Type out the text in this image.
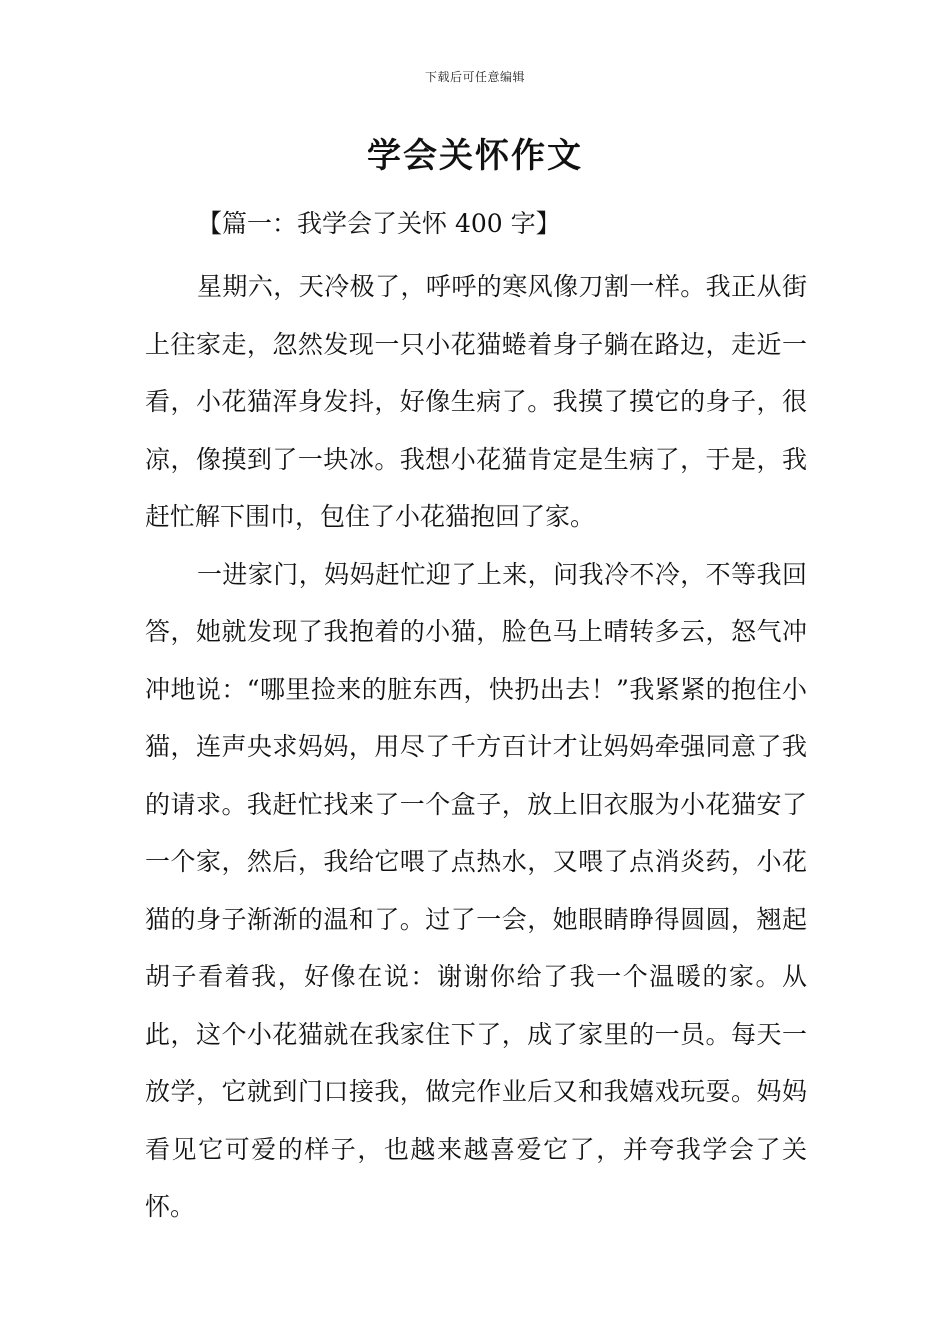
下载后可任意编辑
学会关怀作文
【篇一：我学会了关怀 400 字】

星期六，天冷极了，呼呼的寒风像刀割一样。我正从街上往家走，忽然发现一只小花猫蜷着身子躺在路边，走近一看，小花猫浑身发抖，好像生病了。我摸了摸它的身子，很凉，像摸到了一块冰。我想小花猫肯定是生病了，于是，我赶忙解下围巾，包住了小花猫抱回了家。

一进家门，妈妈赶忙迎了上来，问我冷不冷，不等我回答，她就发现了我抱着的小猫，脸色马上晴转多云，怒气冲冲地说：“哪里捡来的脏东西，快扔出去！”我紧紧的抱住小猫，连声央求妈妈，用尽了千方百计才让妈妈牵强同意了我的请求。我赶忙找来了一个盒子，放上旧衣服为小花猫安了一个家，然后，我给它喂了点热水，又喂了点消炎药，小花猫的身子渐渐的温和了。过了一会，她眼睛睁得圆圆，翘起胡子看着我，好像在说：谢谢你给了我一个温暖的家。从此，这个小花猫就在我家住下了，成了家里的一员。每天一放学，它就到门口接我，做完作业后又和我嬉戏玩耍。妈妈看见它可爱的样子，也越来越喜爱它了，并夸我学会了关怀。
